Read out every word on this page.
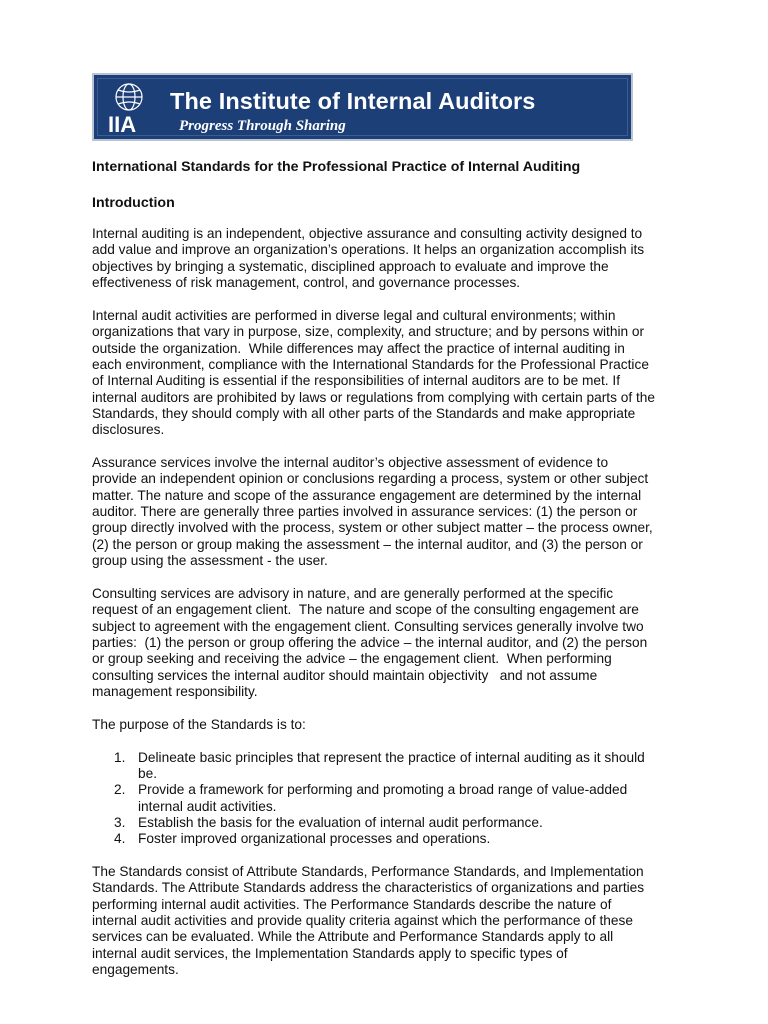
IIA
The Institute of Internal Auditors
Progress Through Sharing
International Standards for the Professional Practice of Internal Auditing
Introduction
Internal auditing is an independent, objective assurance and consulting activity designed to
add value and improve an organization’s operations. It helps an organization accomplish its
objectives by bringing a systematic, disciplined approach to evaluate and improve the
effectiveness of risk management, control, and governance processes.
Internal audit activities are performed in diverse legal and cultural environments; within
organizations that vary in purpose, size, complexity, and structure; and by persons within or
outside the organization.  While differences may affect the practice of internal auditing in
each environment, compliance with the International Standards for the Professional Practice
of Internal Auditing is essential if the responsibilities of internal auditors are to be met. If
internal auditors are prohibited by laws or regulations from complying with certain parts of the
Standards, they should comply with all other parts of the Standards and make appropriate
disclosures.
Assurance services involve the internal auditor’s objective assessment of evidence to
provide an independent opinion or conclusions regarding a process, system or other subject
matter. The nature and scope of the assurance engagement are determined by the internal
auditor. There are generally three parties involved in assurance services: (1) the person or
group directly involved with the process, system or other subject matter – the process owner,
(2) the person or group making the assessment – the internal auditor, and (3) the person or
group using the assessment - the user.
Consulting services are advisory in nature, and are generally performed at the specific
request of an engagement client.  The nature and scope of the consulting engagement are
subject to agreement with the engagement client. Consulting services generally involve two
parties:  (1) the person or group offering the advice – the internal auditor, and (2) the person
or group seeking and receiving the advice – the engagement client.  When performing
consulting services the internal auditor should maintain objectivity   and not assume
management responsibility.
The purpose of the Standards is to:
1. Delineate basic principles that represent the practice of internal auditing as it should
be.
2. Provide a framework for performing and promoting a broad range of value-added
internal audit activities.
3. Establish the basis for the evaluation of internal audit performance.
4. Foster improved organizational processes and operations.
The Standards consist of Attribute Standards, Performance Standards, and Implementation
Standards. The Attribute Standards address the characteristics of organizations and parties
performing internal audit activities. The Performance Standards describe the nature of
internal audit activities and provide quality criteria against which the performance of these
services can be evaluated. While the Attribute and Performance Standards apply to all
internal audit services, the Implementation Standards apply to specific types of
engagements.
